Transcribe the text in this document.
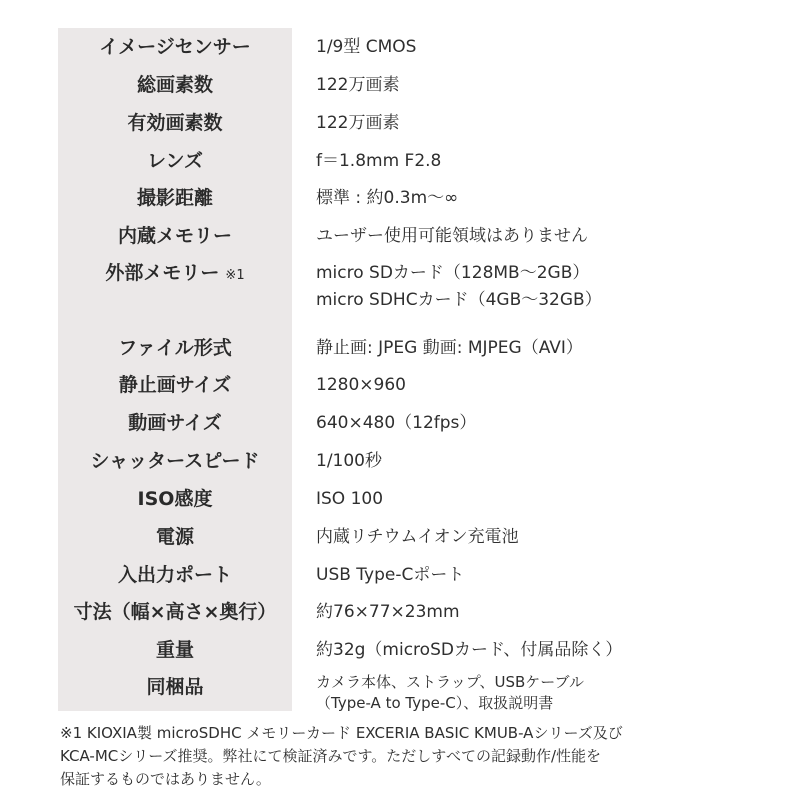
イメージセンサー	1/9型 CMOS
総画素数	122万画素
有効画素数	122万画素
レンズ	f＝1.8mm F2.8
撮影距離	標準 : 約0.3m〜∞
内蔵メモリー	ユーザー使用可能領域はありません
外部メモリー ※1	micro SDカード（128MB〜2GB）
micro SDHCカード（4GB〜32GB）
ファイル形式	静止画: JPEG 動画: MJPEG（AVI）
静止画サイズ	1280×960
動画サイズ	640×480（12fps）
シャッタースピード	1/100秒
ISO感度	ISO 100
電源	内蔵リチウムイオン充電池
入出力ポート	USB Type-Cポート
寸法（幅×高さ×奥行）	約76×77×23mm
重量	約32g（microSDカード、付属品除く）
同梱品	カメラ本体、ストラップ、USBケーブル
（Type-A to Type-C）、取扱説明書
※1 KIOXIA製 microSDHC メモリーカード EXCERIA BASIC KMUB-Aシリーズ及び
KCA-MCシリーズ推奨。弊社にて検証済みです。ただしすべての記録動作/性能を
保証するものではありません。
